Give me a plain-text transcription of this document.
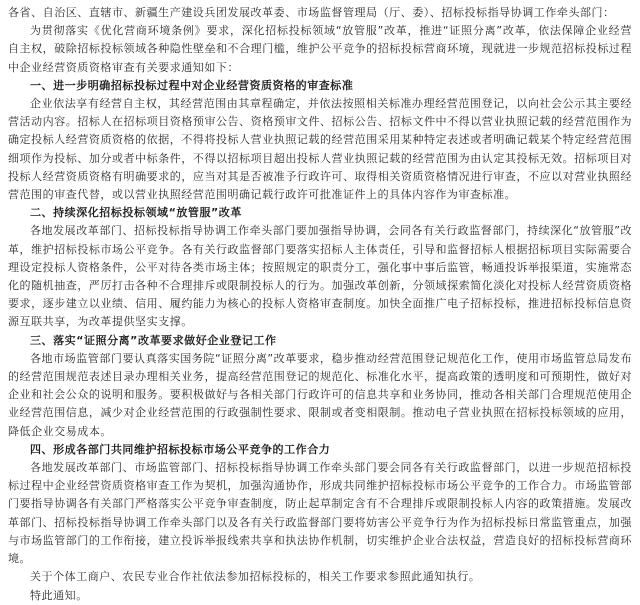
各省、自治区、直辖市、新疆生产建设兵团发展改革委、市场监督管理局（厅、委）、招标投标指导协调工作牵头部门：

为贯彻落实《优化营商环境条例》要求，深化招标投标领域“放管服”改革，推进“证照分离”改革，依法保障企业经营自主权，破除招标投标领域各种隐性壁垒和不合理门槛，维护公平竞争的招标投标营商环境，现就进一步规范招标投标过程中企业经营资质资格审查有关要求通知如下：

一、进一步明确招标投标过程中对企业经营资质资格的审查标准

企业依法享有经营自主权，其经营范围由其章程确定，并依法按照相关标准办理经营范围登记，以向社会公示其主要经营活动内容。招标人在招标项目资格预审公告、资格预审文件、招标公告、招标文件中不得以营业执照记载的经营范围作为确定投标人经营资质资格的依据，不得将投标人营业执照记载的经营范围采用某种特定表述或者明确记载某个特定经营范围细项作为投标、加分或者中标条件，不得以招标项目超出投标人营业执照记载的经营范围为由认定其投标无效。招标项目对投标人经营资质资格有明确要求的，应当对其是否被准予行政许可、取得相关资质资格情况进行审查，不应以对营业执照经营范围的审查代替，或以营业执照经营范围明确记载行政许可批准证件上的具体内容作为审查标准。

二、持续深化招标投标领域“放管服”改革

各地发展改革部门、招标投标指导协调工作牵头部门要加强指导协调，会同各有关行政监督部门，持续深化“放管服”改革，维护招标投标市场公平竞争。各有关行政监督部门要落实招标人主体责任，引导和监督招标人根据招标项目实际需要合理设定投标人资格条件，公平对待各类市场主体；按照规定的职责分工，强化事中事后监管，畅通投诉举报渠道，实施常态化的随机抽查，严厉打击各种不合理排斥或限制投标人的行为。加强改革创新，分领域探索简化淡化对投标人经营资质资格要求，逐步建立以业绩、信用、履约能力为核心的投标人资格审查制度。加快全面推广电子招标投标，推进招标投标信息资源互联共享，为改革提供坚实支撑。

三、落实“证照分离”改革要求做好企业登记工作

各地市场监管部门要认真落实国务院“证照分离”改革要求，稳步推动经营范围登记规范化工作，使用市场监管总局发布的经营范围规范表述目录办理相关业务，提高经营范围登记的规范化、标准化水平，提高政策的透明度和可预期性，做好对企业和社会公众的说明和服务。要积极做好与各相关部门行政许可的信息共享和业务协同，推动各相关部门合理规范使用企业经营范围信息，减少对企业经营范围的行政强制性要求、限制或者变相限制。推动电子营业执照在招标投标领域的应用，降低企业交易成本。

四、形成各部门共同维护招标投标市场公平竞争的工作合力

各地发展改革部门、市场监管部门、招标投标指导协调工作牵头部门要会同各有关行政监督部门，以进一步规范招标投标过程中企业经营资质资格审查工作为契机，加强沟通协作，形成共同维护招标投标市场公平竞争的工作合力。市场监管部门要指导协调各有关部门严格落实公平竞争审查制度，防止起草制定含有不合理排斥或限制投标人内容的政策措施。发展改革部门、招标投标指导协调工作牵头部门以及各有关行政监督部门要将妨害公平竞争行为作为招标投标日常监管重点，加强与市场监管部门的工作衔接，建立投诉举报线索共享和执法协作机制，切实维护企业合法权益，营造良好的招标投标营商环境。

关于个体工商户、农民专业合作社依法参加招标投标的，相关工作要求参照此通知执行。

特此通知。
